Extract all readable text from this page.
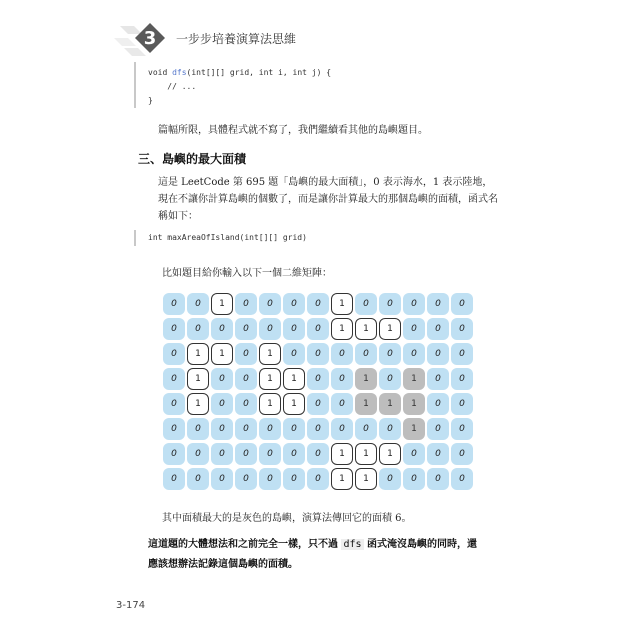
3 一步步培養演算法思維
void dfs(int[][] grid, int i, int j) {
// ...
}
篇幅所限，具體程式就不寫了，我們繼續看其他的島嶼題目。
三、島嶼的最大面積
這是 LeetCode 第 695 題「島嶼的最大面積」，0 表示海水，1 表示陸地，
現在不讓你計算島嶼的個數了，而是讓你計算最大的那個島嶼的面積，函式名
稱如下：
int maxAreaOfIsland(int[][] grid)
比如題目給你輸入以下一個二維矩陣：
0	0	1	0	0	0	0	1	0	0	0	0	0
0	0	0	0	0	0	0	1	1	1	0	0	0
0	1	1	0	1	0	0	0	0	0	0	0	0
0	1	0	0	1	1	0	0	1	0	1	0	0
0	1	0	0	1	1	0	0	1	1	1	0	0
0	0	0	0	0	0	0	0	0	0	1	0	0
0	0	0	0	0	0	0	1	1	1	0	0	0
0	0	0	0	0	0	0	1	1	0	0	0	0
其中面積最大的是灰色的島嶼，演算法傳回它的面積 6。
這道題的大體想法和之前完全一樣，只不過 dfs 函式淹沒島嶼的同時，還
應該想辦法記錄這個島嶼的面積。
3-174
